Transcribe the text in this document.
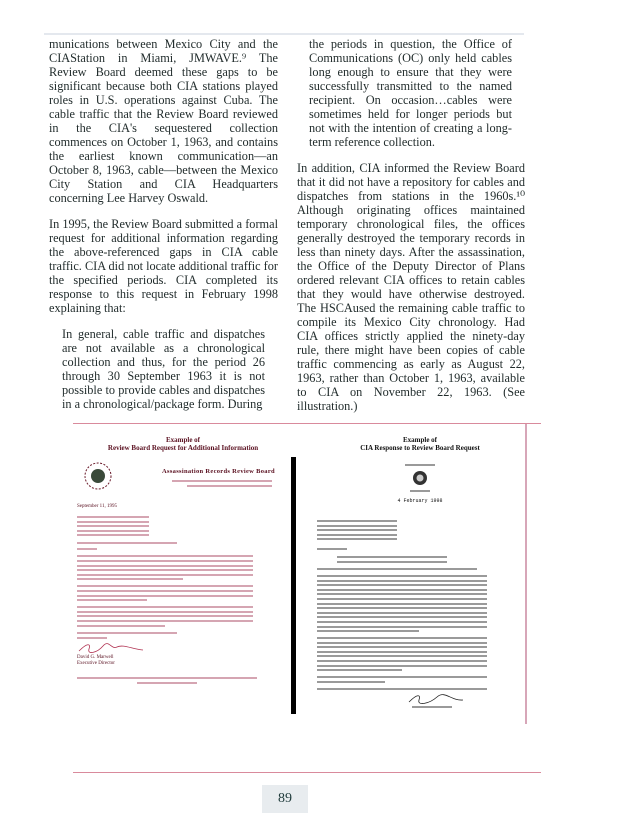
munications between Mexico City and the CIAStation in Miami, JMWAVE.⁹ The Review Board deemed these gaps to be significant because both CIA stations played roles in U.S. operations against Cuba. The cable traffic that the Review Board reviewed in the CIA's sequestered collection commences on October 1, 1963, and contains the earliest known communication—an October 8, 1963, cable—between the Mexico City Station and CIA Headquarters concerning Lee Harvey Oswald.

In 1995, the Review Board submitted a formal request for additional information regarding the above-referenced gaps in CIA cable traffic. CIA did not locate additional traffic for the specified periods. CIA completed its response to this request in February 1998 explaining that:

In general, cable traffic and dispatches are not available as a chronological collection and thus, for the period 26 through 30 September 1963 it is not possible to provide cables and dispatches in a chronological/package form. During

the periods in question, the Office of Communications (OC) only held cables long enough to ensure that they were successfully transmitted to the named recipient. On occasion…cables were sometimes held for longer periods but not with the intention of creating a long-term reference collection.

In addition, CIA informed the Review Board that it did not have a repository for cables and dispatches from stations in the 1960s.¹⁰ Although originating offices maintained temporary chronological files, the offices generally destroyed the temporary records in less than ninety days. After the assassination, the Office of the Deputy Director of Plans ordered relevant CIA offices to retain cables that they would have otherwise destroyed. The HSCAused the remaining cable traffic to compile its Mexico City chronology. Had CIA offices strictly applied the ninety-day rule, there might have been copies of cable traffic commencing as early as August 22, 1963, rather than October 1, 1963, available to CIA on November 22, 1963. (See illustration.)

Example of
Review Board Request for Additional Information
Assassination Records Review Board
September 11, 1995
David G. Marwell
Executive Director
Example of
CIA Response to Review Board Request
4 February 1998
89
